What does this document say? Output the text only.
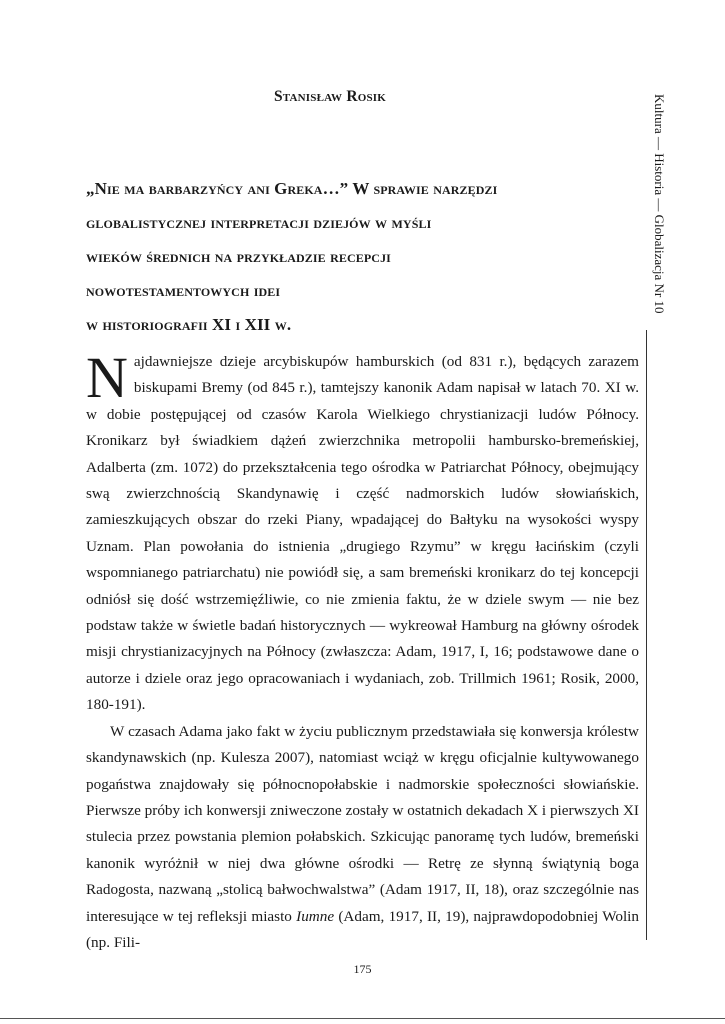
Stanisław Rosik
„Nie ma barbarzyńcy ani Greka…” W sprawie narzędzi
globalistycznej interpretacji dziejów w myśli
wieków średnich na przykładzie recepcji
nowotestamentowych idei
w historiografii XI i XII w.
Kultura — Historia — Globalizacja Nr 10

Najdawniejsze dzieje arcybiskupów hamburskich (od 831 r.), będących zarazem biskupami Bremy (od 845 r.), tamtejszy kanonik Adam napisał w latach 70. XI w. w dobie postępującej od czasów Karola Wielkiego chrystianizacji ludów Północy. Kronikarz był świadkiem dążeń zwierzchnika metropolii hambursko-bremeńskiej, Adalberta (zm. 1072) do przekształcenia tego ośrodka w Patriarchat Północy, obejmujący swą zwierzchnością Skandynawię i część nadmorskich ludów słowiańskich, zamieszkujących obszar do rzeki Piany, wpadającej do Bałtyku na wysokości wyspy Uznam. Plan powołania do istnienia „drugiego Rzymu” w kręgu łacińskim (czyli wspomnianego patriarchatu) nie powiódł się, a sam bremeński kronikarz do tej koncepcji odniósł się dość wstrzemięźliwie, co nie zmienia faktu, że w dziele swym — nie bez podstaw także w świetle badań historycznych — wykreował Hamburg na główny ośrodek misji chrystianizacyjnych na Północy (zwłaszcza: Adam, 1917, I, 16; podstawowe dane o autorze i dziele oraz jego opracowaniach i wydaniach, zob. Trillmich 1961; Rosik, 2000, 180-191).

W czasach Adama jako fakt w życiu publicznym przedstawiała się konwersja królestw skandynawskich (np. Kulesza 2007), natomiast wciąż w kręgu oficjalnie kultywowanego pogaństwa znajdowały się północnopołabskie i nadmorskie społeczności słowiańskie. Pierwsze próby ich konwersji zniweczone zostały w ostatnich dekadach X i pierwszych XI stulecia przez powstania plemion połabskich. Szkicując panoramę tych ludów, bremeński kanonik wyróżnił w niej dwa główne ośrodki — Retrę ze słynną świątynią boga Radogosta, nazwaną „stolicą bałwochwalstwa” (Adam 1917, II, 18), oraz szczególnie nas interesujące w tej refleksji miasto Iumne (Adam, 1917, II, 19), najprawdopodobniej Wolin (np. Fili-

175
